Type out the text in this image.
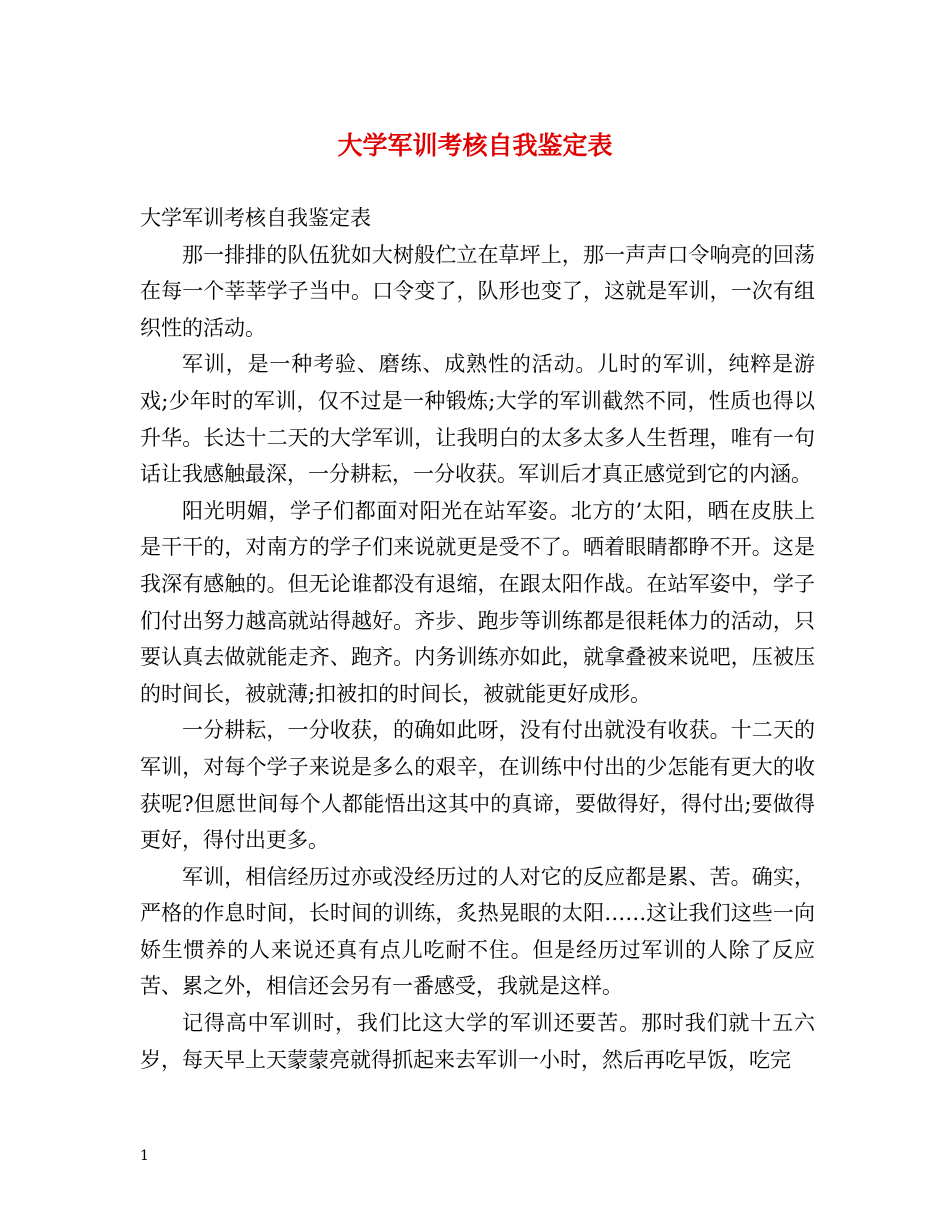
大学军训考核自我鉴定表

大学军训考核自我鉴定表

那一排排的队伍犹如大树般伫立在草坪上，那一声声口令响亮的回荡在每一个莘莘学子当中。口令变了，队形也变了，这就是军训，一次有组织性的活动。

军训，是一种考验、磨练、成熟性的活动。儿时的军训，纯粹是游戏;少年时的军训，仅不过是一种锻炼;大学的军训截然不同，性质也得以升华。长达十二天的大学军训，让我明白的太多太多人生哲理，唯有一句话让我感触最深，一分耕耘，一分收获。军训后才真正感觉到它的内涵。

阳光明媚，学子们都面对阳光在站军姿。北方的’太阳，晒在皮肤上是干干的，对南方的学子们来说就更是受不了。晒着眼睛都睁不开。这是我深有感触的。但无论谁都没有退缩，在跟太阳作战。在站军姿中，学子们付出努力越高就站得越好。齐步、跑步等训练都是很耗体力的活动，只要认真去做就能走齐、跑齐。内务训练亦如此，就拿叠被来说吧，压被压的时间长，被就薄;扣被扣的时间长，被就能更好成形。

一分耕耘，一分收获，的确如此呀，没有付出就没有收获。十二天的军训，对每个学子来说是多么的艰辛，在训练中付出的少怎能有更大的收获呢?但愿世间每个人都能悟出这其中的真谛，要做得好，得付出;要做得更好，得付出更多。

军训，相信经历过亦或没经历过的人对它的反应都是累、苦。确实，严格的作息时间，长时间的训练，炙热晃眼的太阳……这让我们这些一向娇生惯养的人来说还真有点儿吃耐不住。但是经历过军训的人除了反应苦、累之外，相信还会另有一番感受，我就是这样。

记得高中军训时，我们比这大学的军训还要苦。那时我们就十五六岁，每天早上天蒙蒙亮就得抓起来去军训一小时，然后再吃早饭，吃完

1
